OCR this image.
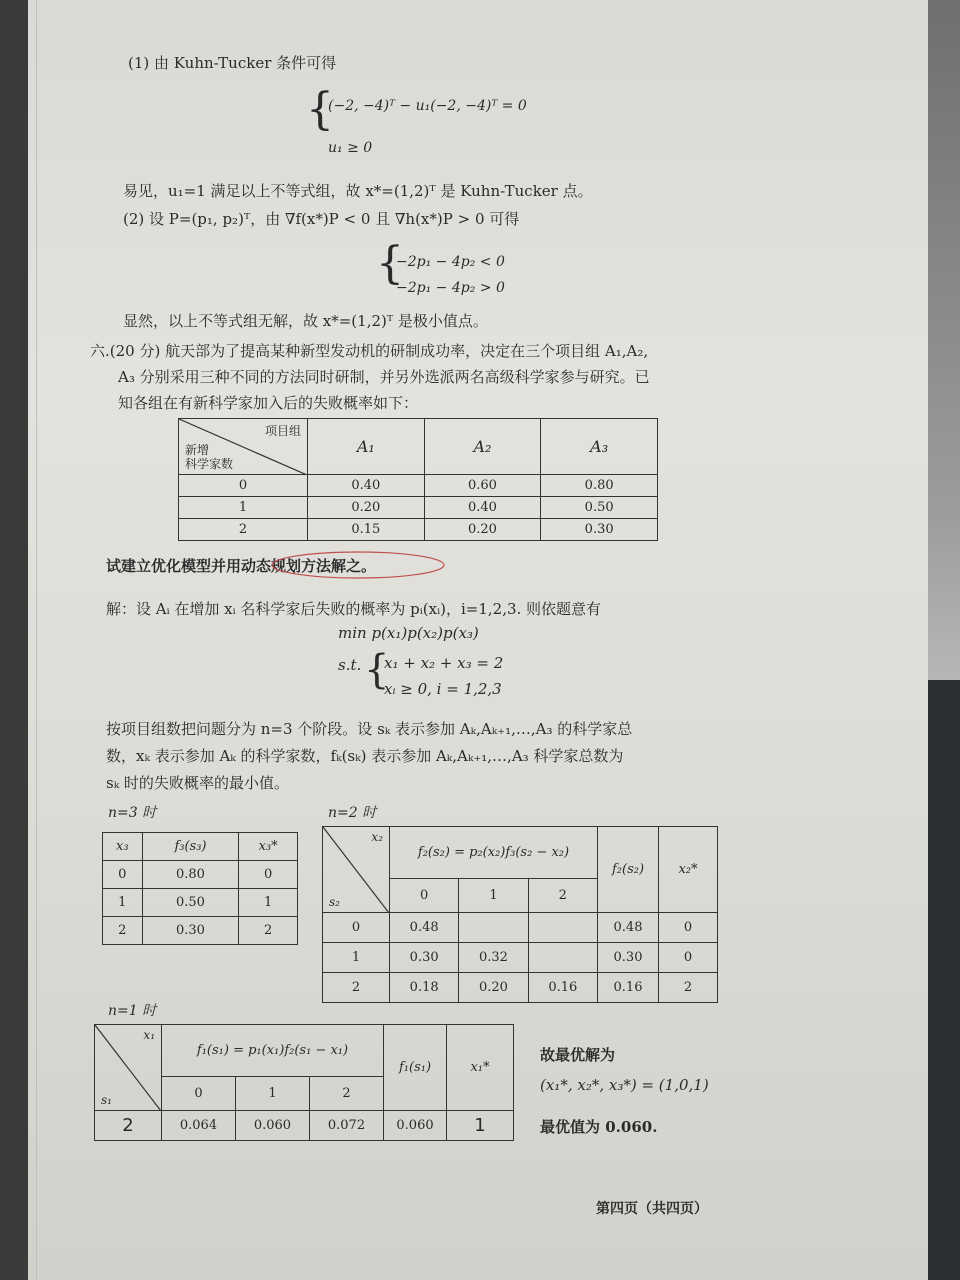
(1) 由 Kuhn-Tucker 条件可得
{
(−2, −4)ᵀ − u₁(−2, −4)ᵀ = 0
u₁ ≥ 0
易见，u₁=1 满足以上不等式组，故 x*=(1,2)ᵀ 是 Kuhn-Tucker 点。
(2) 设 P=(p₁, p₂)ᵀ，由 ∇f(x*)P < 0 且 ∇h(x*)P > 0 可得
{
−2p₁ − 4p₂ < 0
−2p₁ − 4p₂ > 0
显然，以上不等式组无解，故 x*=(1,2)ᵀ 是极小值点。
六.(20 分) 航天部为了提高某种新型发动机的研制成功率，决定在三个项目组 A₁,A₂,
A₃ 分别采用三种不同的方法同时研制，并另外选派两名高级科学家参与研究。已
知各组在有新科学家加入后的失败概率如下：
项目组
新增
科学家数	A₁	A₂	A₃
0	0.40	0.60	0.80
1	0.20	0.40	0.50
2	0.15	0.20	0.30
试建立优化模型并用动态规划方法解之。
解：设 Aᵢ 在增加 xᵢ 名科学家后失败的概率为 pᵢ(xᵢ)，i=1,2,3. 则依题意有
min p(x₁)p(x₂)p(x₃)
s.t. {
x₁ + x₂ + x₃ = 2
xᵢ ≥ 0, i = 1,2,3
按项目组数把问题分为 n=3 个阶段。设 sₖ 表示参加 Aₖ,Aₖ₊₁,…,A₃ 的科学家总
数，xₖ 表示参加 Aₖ 的科学家数，fₖ(sₖ) 表示参加 Aₖ,Aₖ₊₁,…,A₃ 科学家总数为
sₖ 时的失败概率的最小值。
n=3 时
x₃	f₃(s₃)	x₃*
0	0.80	0
1	0.50	1
2	0.30	2
n=2 时
x₂
s₂	f₂(s₂) = p₂(x₂)f₃(s₂ − x₂)			f₂(s₂)	x₂*
	0	1	2		
0	0.48			0.48	0
1	0.30	0.32		0.30	0
2	0.18	0.20	0.16	0.16	2
n=1 时
x₁
s₁	f₁(s₁) = p₁(x₁)f₂(s₁ − x₁)			f₁(s₁)	x₁*
	0	1	2		
2	0.064	0.060	0.072	0.060	1
故最优解为
(x₁*, x₂*, x₃*) = (1,0,1)
最优值为 0.060.
第四页（共四页）
